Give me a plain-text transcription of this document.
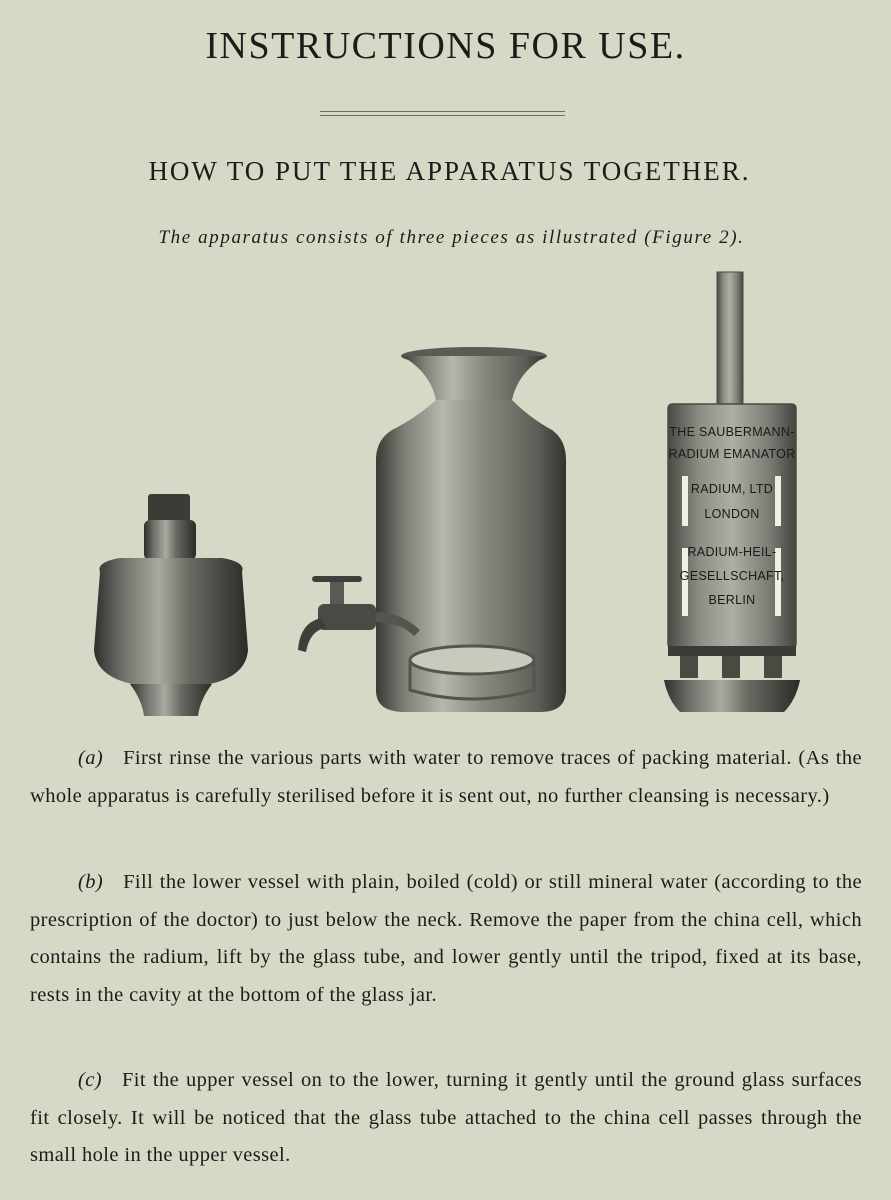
INSTRUCTIONS FOR USE.
HOW TO PUT THE APPARATUS TOGETHER.
The apparatus consists of three pieces as illustrated (Figure 2).
THE SAUBERMANN-
RADIUM EMANATOR
RADIUM, LTD
LONDON
RADIUM-HEIL-
GESELLSCHAFT,
BERLIN
(a) First rinse the various parts with water to remove traces of packing material. (As the whole apparatus is carefully sterilised before it is sent out, no further cleansing is necessary.)
(b) Fill the lower vessel with plain, boiled (cold) or still mineral water (according to the prescription of the doctor) to just below the neck. Remove the paper from the china cell, which contains the radium, lift by the glass tube, and lower gently until the tripod, fixed at its base, rests in the cavity at the bottom of the glass jar.
(c) Fit the upper vessel on to the lower, turning it gently until the ground glass surfaces fit closely. It will be noticed that the glass tube attached to the china cell passes through the small hole in the upper vessel.
